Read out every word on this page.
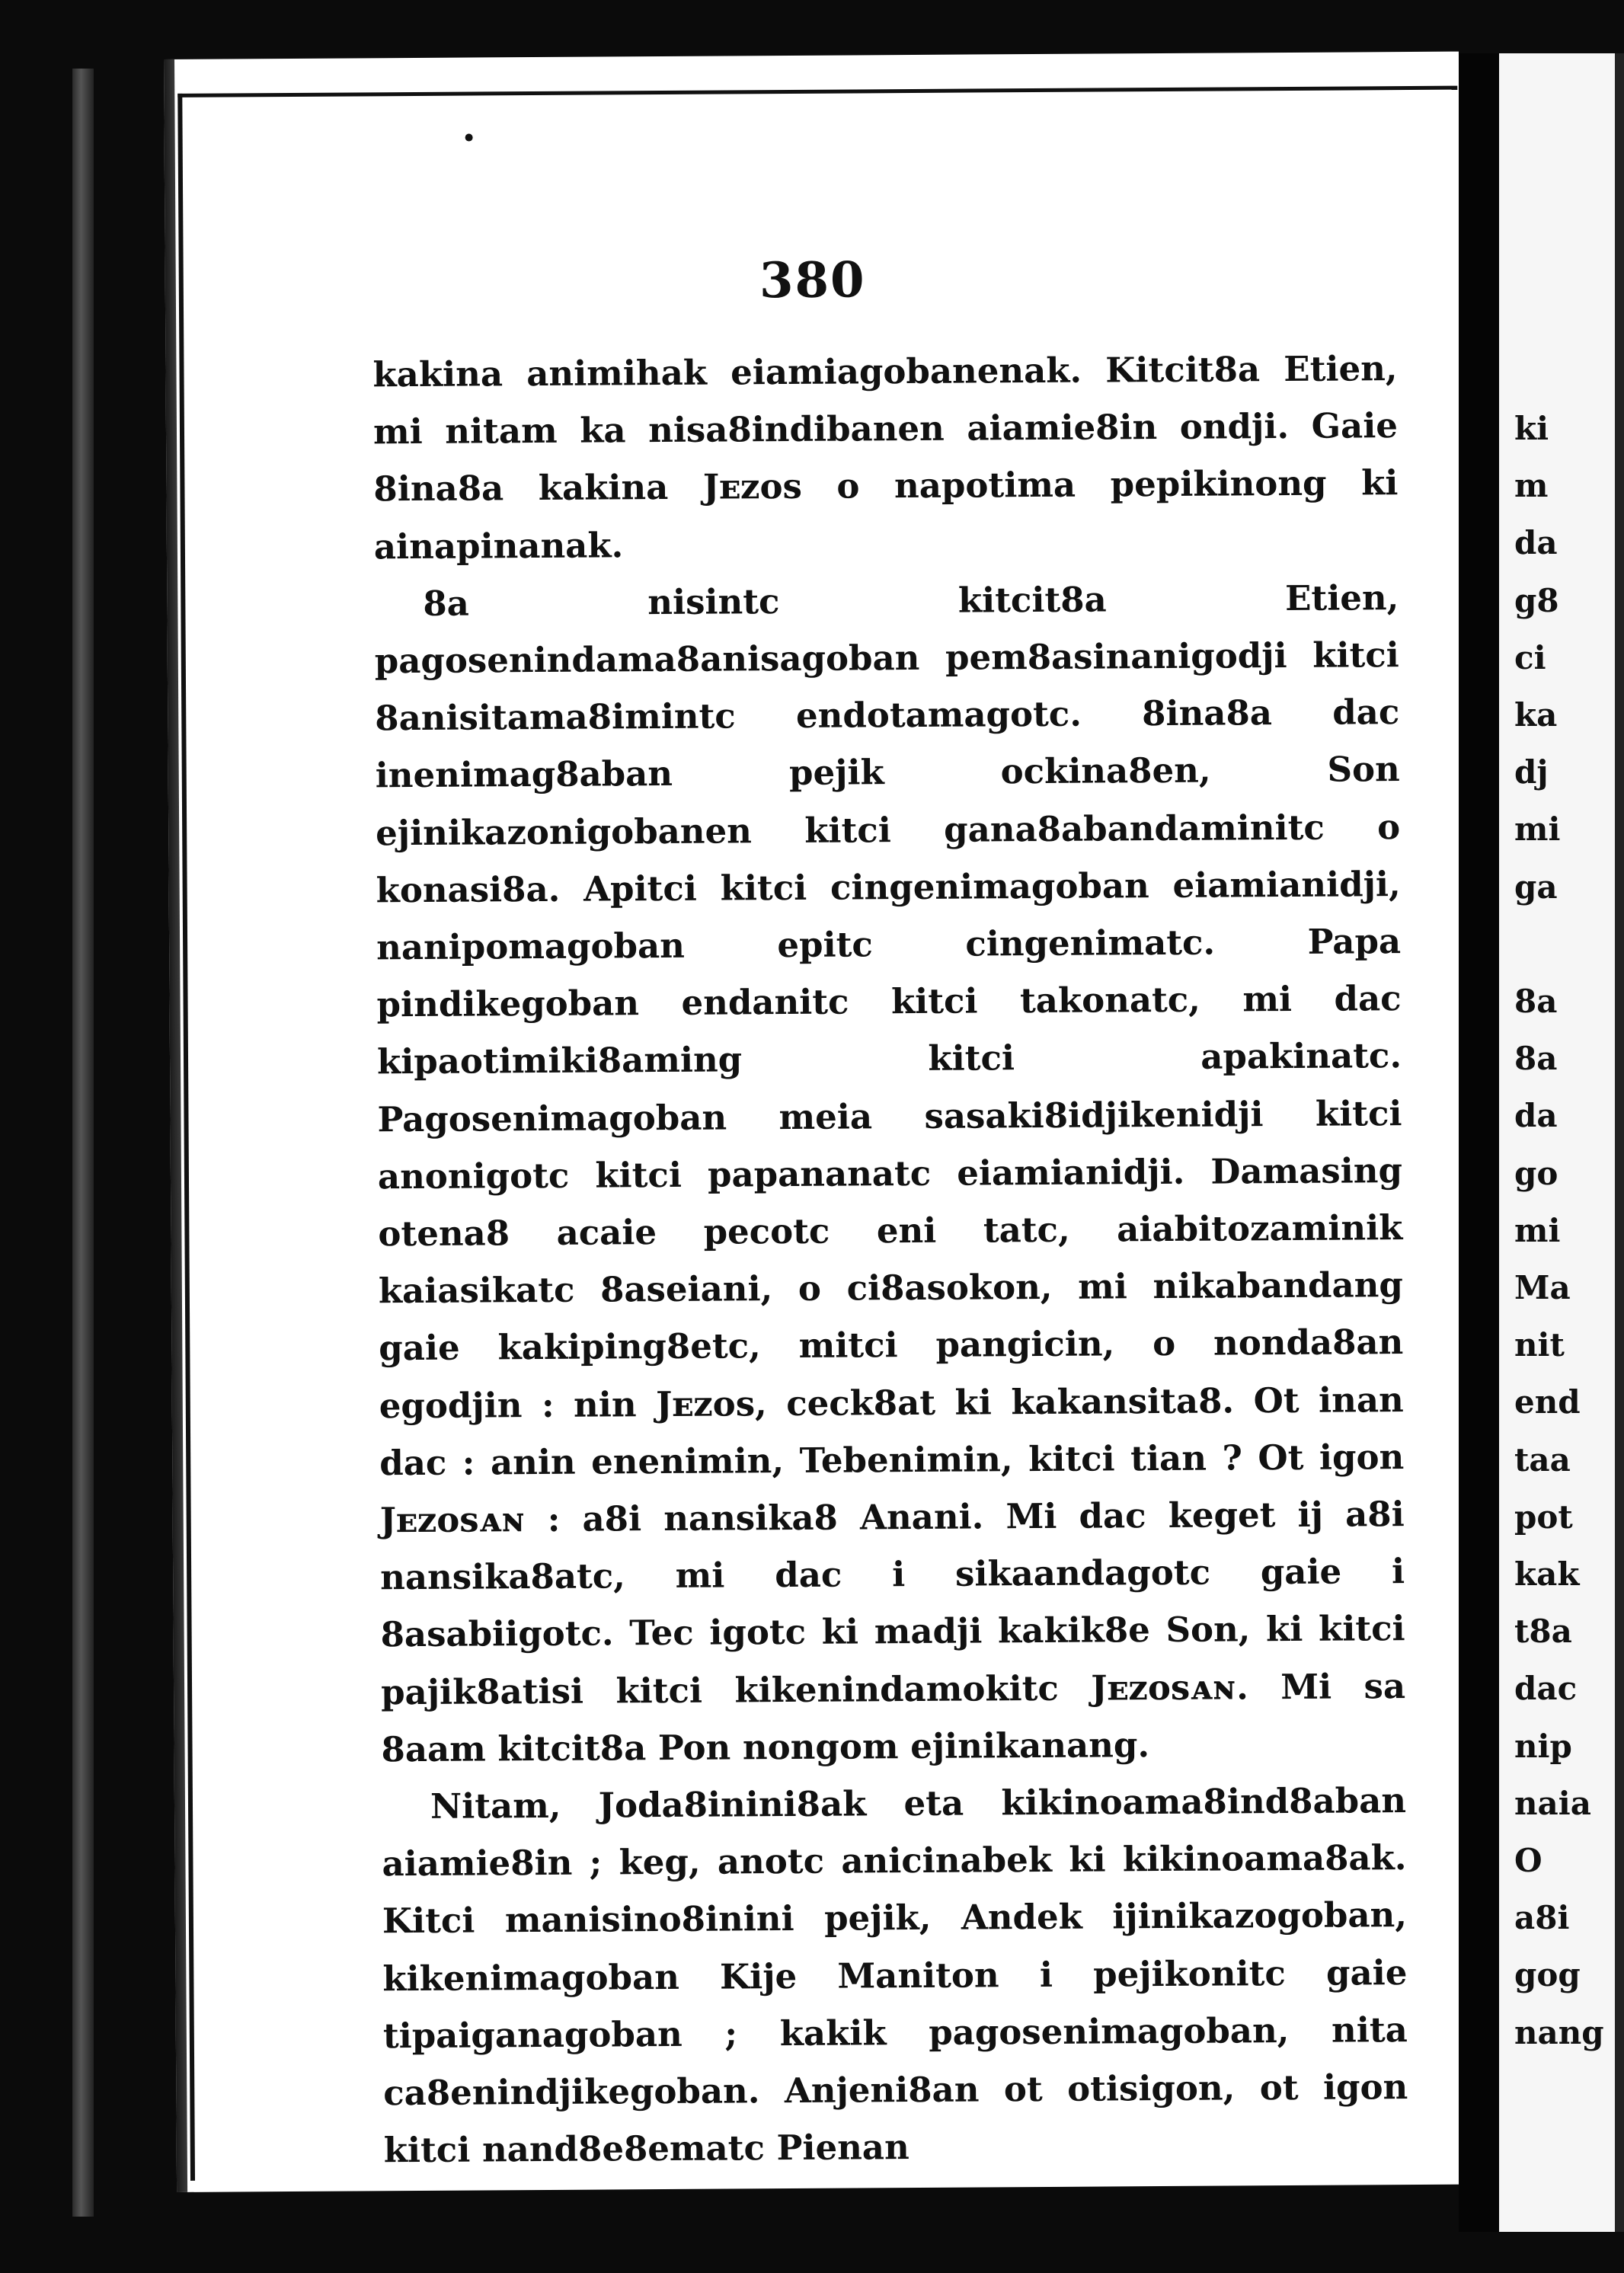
380

kakina animihak eiamiagobanenak. Kitcit8a Etien, mi nitam ka nisa8indibanen aiamie8in ondji. Gaie 8ina8a kakina Jᴇᴢᴏs o napotima pepikinong ki ainapinanak.

8a nisintc kitcit8a Etien, pagosenindama8anisagoban pem8asinanigodji kitci 8anisitama8imintc endotamagotc. 8ina8a dac inenimag8aban pejik ockina8en, Son ejinikazonigobanen kitci gana8abandaminitc o konasi8a. Apitci kitci cingenimagoban eiamianidji, nanipomagoban epitc cingenimatc. Papa pindikegoban endanitc kitci takonatc, mi dac kipaotimiki8aming kitci apakinatc. Pagosenimagoban meia sasaki8idjikenidji kitci anonigotc kitci papananatc eiamianidji. Damasing otena8 acaie pecotc eni tatc, aiabitozaminik kaiasikatc 8aseiani, o ci8asokon, mi nikabandang gaie kakiping8etc, mitci pangicin, o nonda8an egodjin : nin Jᴇᴢᴏs, ceck8at ki kakansita8. Ot inan dac : anin enenimin, Tebenimin, kitci tian ? Ot igon Jᴇᴢᴏsᴀɴ : a8i nansika8 Anani. Mi dac keget ij a8i nansika8atc, mi dac i sikaandagotc gaie i 8asabiigotc. Tec igotc ki madji kakik8e Son, ki kitci pajik8atisi kitci kikenindamokitc Jᴇᴢᴏsᴀɴ. Mi sa 8aam kitcit8a Pon nongom ejinikanang.

Nitam, Joda8inini8ak eta kikinoama8ind8aban aiamie8in ; keg, anotc anicinabek ki kikinoama8ak. Kitci manisino8inini pejik, Andek ijinikazogoban, kikenimagoban Kije Maniton i pejikonitc gaie tipaiganagoban ; kakik pagosenimagoban, nita ca8enindjikegoban. Anjeni8an ot otisigon, ot igon kitci nand8e8ematc Pienan

ki
m
da
g8
ci
ka
dj
mi
ga

8a
8a
da
go
mi
Ma
nit
end
taa
pot
kak
t8a
dac
nip
naia
O
a8i
gog
nang
